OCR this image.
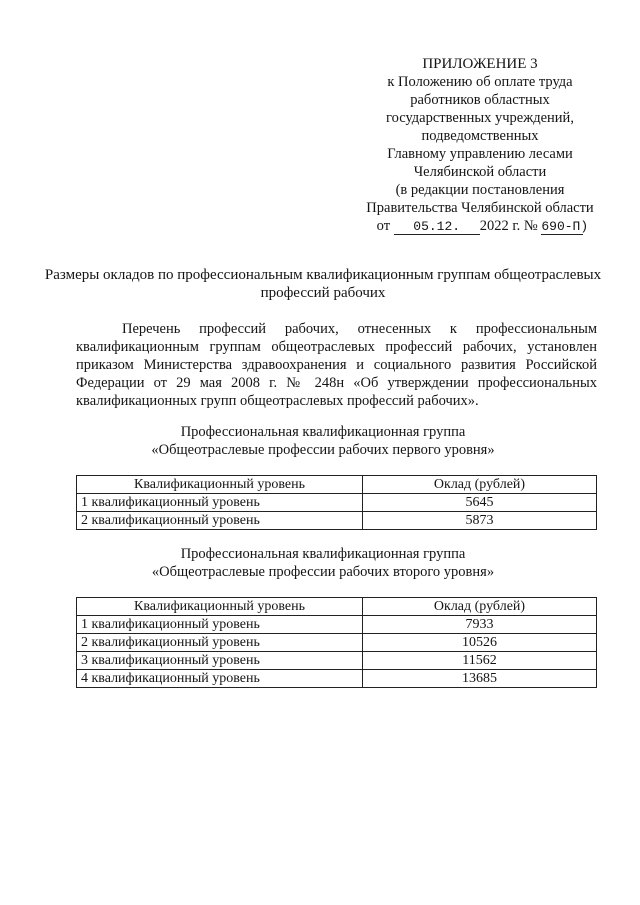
ПРИЛОЖЕНИЕ 3
к Положению об оплате труда
работников областных
государственных учреждений,
подведомственных
Главному управлению лесами
Челябинской области
(в редакции постановления
Правительства Челябинской области
от 05.12. 2022 г. № 690-П)
Размеры окладов по профессиональным квалификационным группам общеотраслевых профессий рабочих
Перечень профессий рабочих, отнесенных к профессиональным квалификационным группам общеотраслевых профессий рабочих, установлен приказом Министерства здравоохранения и социального развития Российской Федерации от 29 мая 2008 г. № 248н «Об утверждении профессиональных квалификационных групп общеотраслевых профессий рабочих».
Профессиональная квалификационная группа
«Общеотраслевые профессии рабочих первого уровня»
Квалификационный уровень	Оклад (рублей)
1 квалификационный уровень	5645
2 квалификационный уровень	5873
Профессиональная квалификационная группа
«Общеотраслевые профессии рабочих второго уровня»
Квалификационный уровень	Оклад (рублей)
1 квалификационный уровень	7933
2 квалификационный уровень	10526
3 квалификационный уровень	11562
4 квалификационный уровень	13685
